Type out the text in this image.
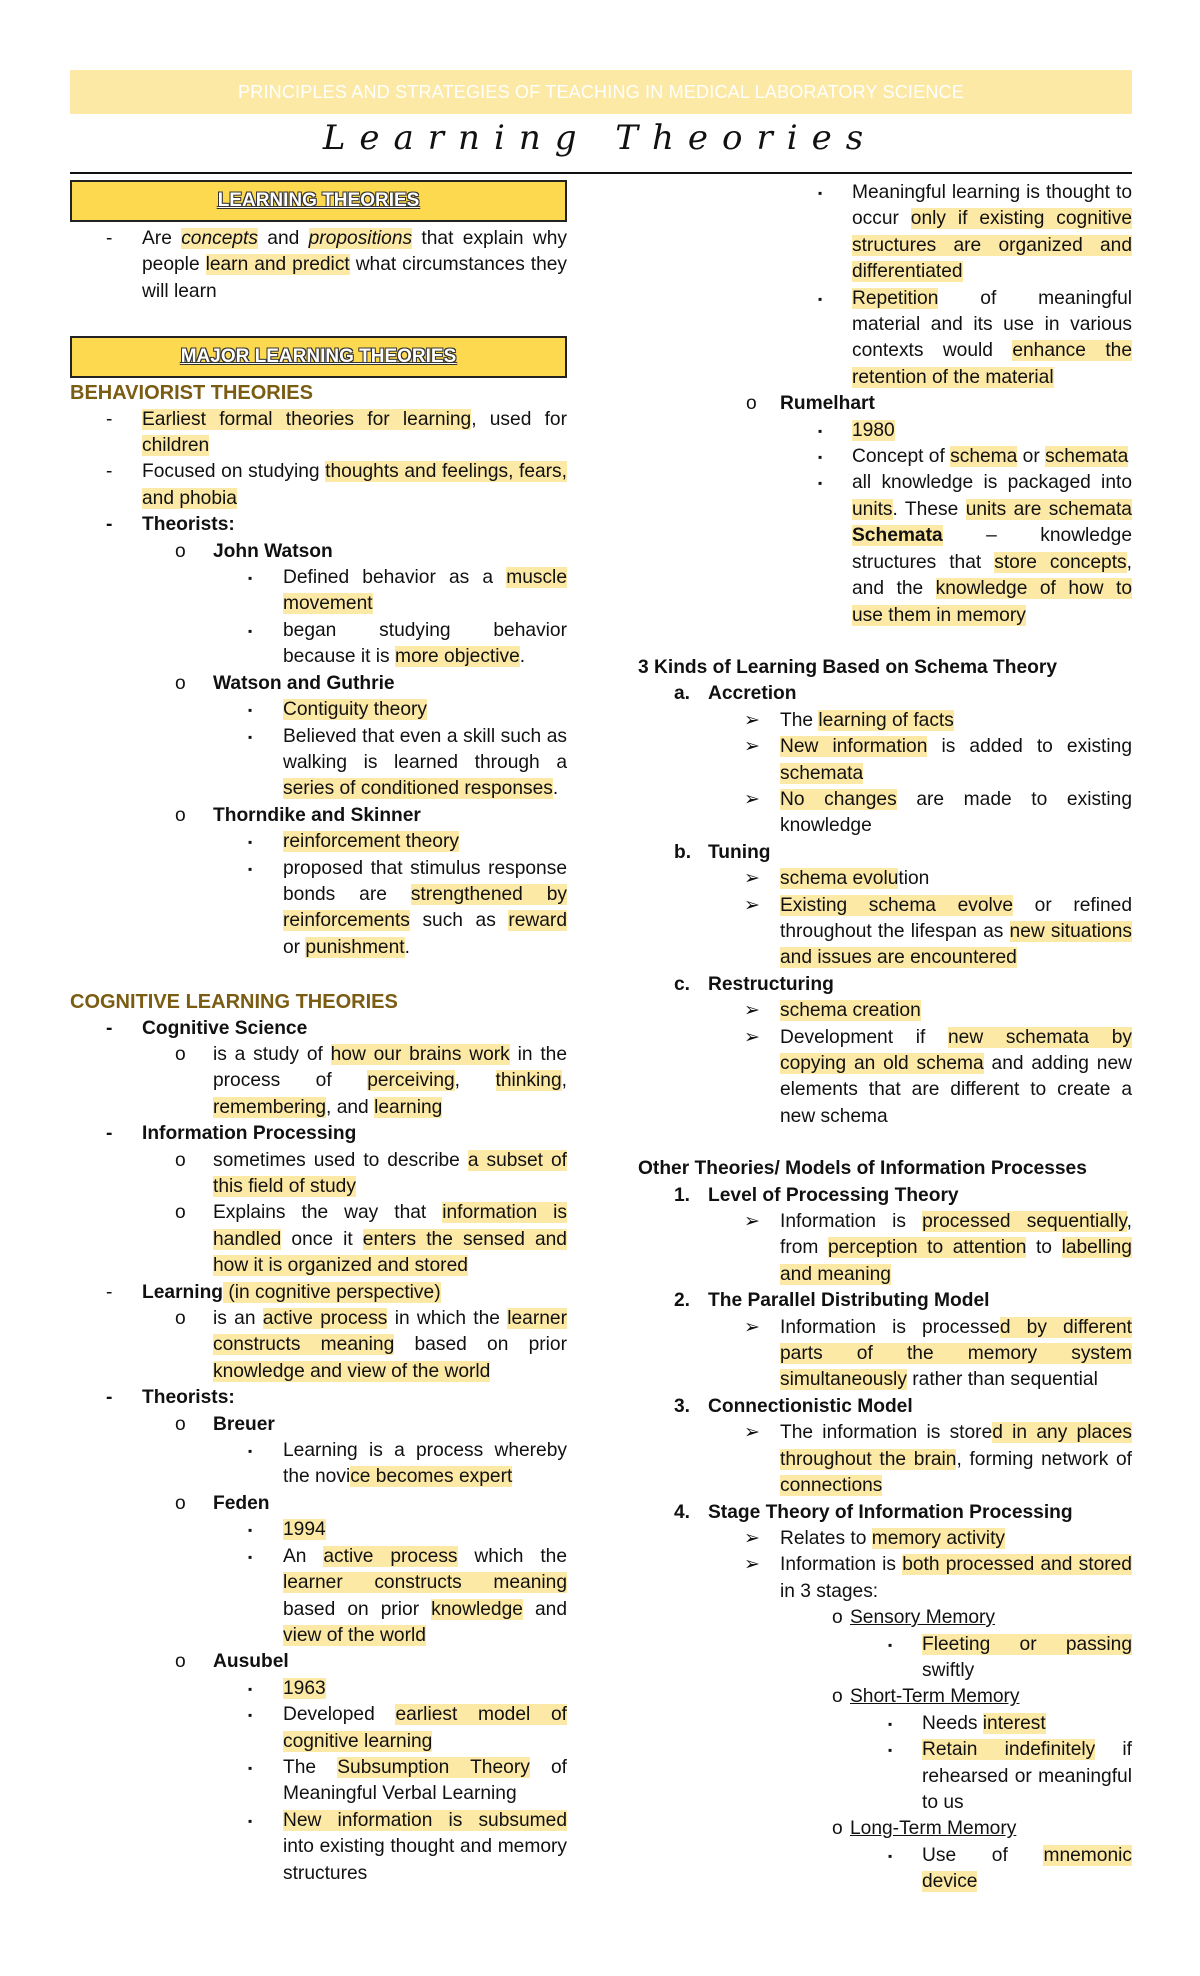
PRINCIPLES AND STRATEGIES OF TEACHING IN MEDICAL LABORATORY SCIENCE
Learning Theories
LEARNING THEORIES
- Are concepts and propositions that explain why people learn and predict what circumstances they will learn
MAJOR LEARNING THEORIES
BEHAVIORIST THEORIES
- Earliest formal theories for learning, used for children
- Focused on studying thoughts and feelings, fears, and phobia
- Theorists:
o John Watson
▪ Defined behavior as a muscle movement
▪ began studying behavior because it is more objective.
o Watson and Guthrie
▪ Contiguity theory
▪ Believed that even a skill such as walking is learned through a series of conditioned responses.
o Thorndike and Skinner
▪ reinforcement theory
▪ proposed that stimulus response bonds are strengthened by reinforcements such as reward or punishment.
COGNITIVE LEARNING THEORIES
- Cognitive Science
o is a study of how our brains work in the process of perceiving, thinking, remembering, and learning
- Information Processing
o sometimes used to describe a subset of this field of study
o Explains the way that information is handled once it enters the sensed and how it is organized and stored
- Learning (in cognitive perspective)
o is an active process in which the learner constructs meaning based on prior knowledge and view of the world
- Theorists:
o Breuer
▪ Learning is a process whereby the novice becomes expert
o Feden
▪ 1994
▪ An active process which the learner constructs meaning based on prior knowledge and view of the world
o Ausubel
▪ 1963
▪ Developed earliest model of cognitive learning
▪ The Subsumption Theory of Meaningful Verbal Learning
▪ New information is subsumed into existing thought and memory structures
▪ Meaningful learning is thought to occur only if existing cognitive structures are organized and differentiated
▪ Repetition of meaningful material and its use in various contexts would enhance the retention of the material
o Rumelhart
▪ 1980
▪ Concept of schema or schemata
▪ all knowledge is packaged into units. These units are schemata Schemata – knowledge structures that store concepts, and the knowledge of how to use them in memory
3 Kinds of Learning Based on Schema Theory
a. Accretion
➢ The learning of facts
➢ New information is added to existing schemata
➢ No changes are made to existing knowledge
b. Tuning
➢ schema evolution
➢ Existing schema evolve or refined throughout the lifespan as new situations and issues are encountered
c. Restructuring
➢ schema creation
➢ Development if new schemata by copying an old schema and adding new elements that are different to create a new schema
Other Theories/ Models of Information Processes
1. Level of Processing Theory
➢ Information is processed sequentially, from perception to attention to labelling and meaning
2. The Parallel Distributing Model
➢ Information is processed by different parts of the memory system simultaneously rather than sequential
3. Connectionistic Model
➢ The information is stored in any places throughout the brain, forming network of connections
4. Stage Theory of Information Processing
➢ Relates to memory activity
➢ Information is both processed and stored in 3 stages:
o Sensory Memory
▪ Fleeting or passing swiftly
o Short-Term Memory
▪ Needs interest
▪ Retain indefinitely if rehearsed or meaningful to us
o Long-Term Memory
▪ Use of mnemonic device
